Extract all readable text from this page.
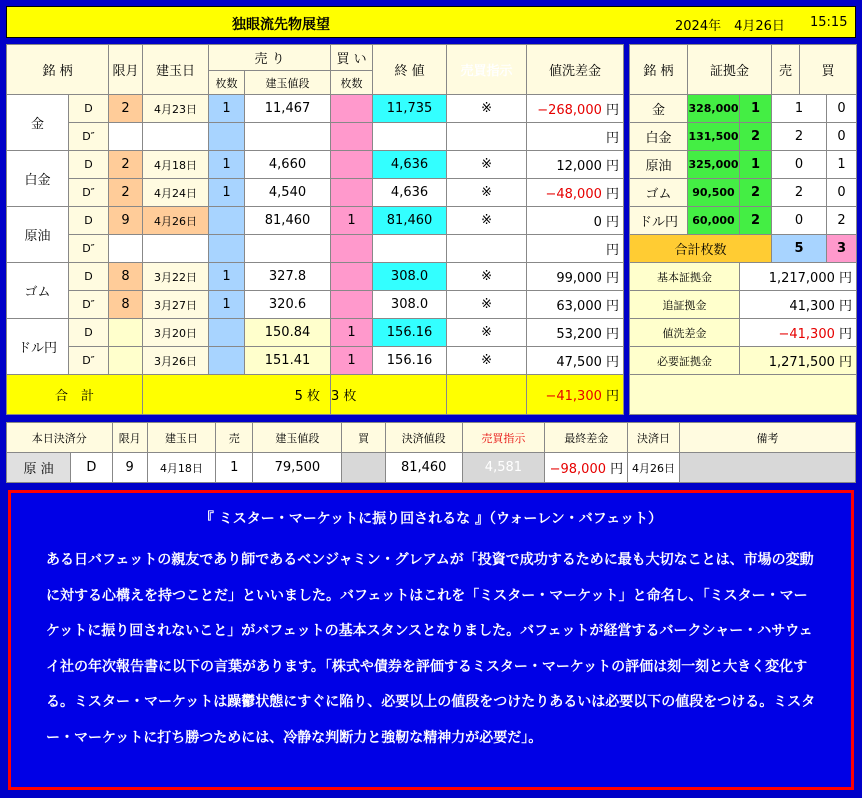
独眼流先物展望	2024年　4月26日 15:15
銘 柄		限月	建玉日	売 り		買 い	終 値	売買指示	値洗差金
				枚数	建玉値段	枚数			
金	D	2	4月23日	1	11,467		11,735	※	−268,000 円
	D″								円
白金	D	2	4月18日	1	4,660		4,636	※	12,000 円
	D″	2	4月24日	1	4,540		4,636	※	−48,000 円
原油	D	9	4月26日		81,460	1	81,460	※	0 円
	D″								円
ゴム	D	8	3月22日	1	327.8		308.0	※	99,000 円
	D″	8	3月27日	1	320.6		308.0	※	63,000 円
ドル円	D		3月20日		150.84	1	156.16	※	53,200 円
	D″		3月26日		151.41	1	156.16	※	47,500 円
合　計			5 枚			3 枚			−41,300 円
銘 柄	証拠金		売	買	
金	328,000	1	1		0
白金	131,500	2	2		0
原油	325,000	1	0		1
ゴム	90,500	2	2		0
ドル円	60,000	2	0		2
合計枚数			5		3
基本証拠金		1,217,000 円			
追証拠金		41,300 円			
値洗差金		−41,300 円			
必要証拠金		1,271,500 円			

本日決済分		限月	建玉日	売	建玉値段	買	決済値段	売買指示	最終差金	決済日	備考
原 油	D	9	4月18日	1	79,500		81,460	4,581	−98,000 円	4月26日	
『 ミスター・マーケットに振り回されるな 』（ウォーレン・バフェット）
ある日バフェットの親友であり師であるベンジャミン・グレアムが「投資で成功するために最も大切なことは、市場の変動に対する心構えを持つことだ」といいました。バフェットはこれを「ミスター・マーケット」と命名し、「ミスター・マーケットに振り回されないこと」がバフェットの基本スタンスとなりました。バフェットが経営するバークシャー・ハサウェイ社の年次報告書に以下の言葉があります。「株式や債券を評価するミスター・マーケットの評価は刻一刻と大きく変化する。ミスター・マーケットは躁鬱状態にすぐに陥り、必要以上の値段をつけたりあるいは必要以下の値段をつける。ミスター・マーケットに打ち勝つためには、冷静な判断力と強靭な精神力が必要だ」。
